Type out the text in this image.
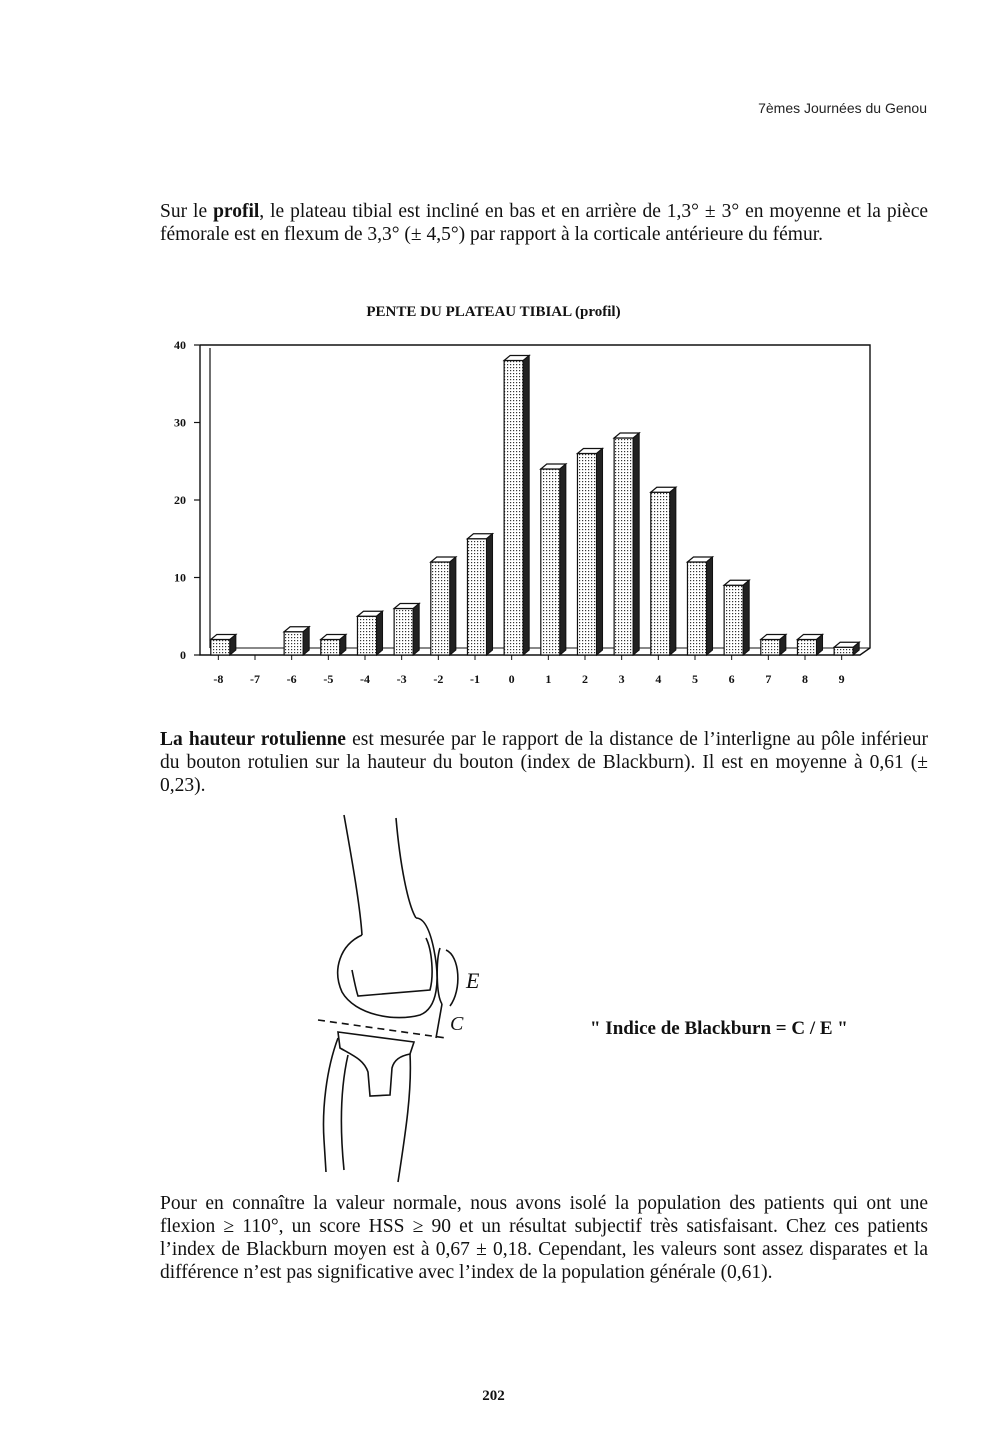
7èmes Journées du Genou

Sur le profil, le plateau tibial est incliné en bas et en arrière de 1,3° ± 3° en moyenne et la pièce fémorale est en flexum de 3,3° (± 4,5°) par rapport à la corticale antérieure du fémur.

PENTE DU PLATEAU TIBIAL (profil)
0
10
20
30
40
-8 -7 -6 -5 -4 -3 -2 -1 0	1	2	3	4	5	6	7	8	9

La hauteur rotulienne est mesurée par le rapport de la distance de l’interligne au pôle inférieur du bouton rotulien sur la hauteur du bouton (index de Blackburn). Il est en moyenne à 0,61 (± 0,23).

E
C	" Indice de Blackburn = C / E "

Pour en connaître la valeur normale, nous avons isolé la population des patients qui ont une flexion ≥ 110°, un score HSS ≥ 90 et un résultat subjectif très satisfaisant. Chez ces patients l’index de Blackburn moyen est à 0,67 ± 0,18. Cependant, les valeurs sont assez disparates et la différence n’est pas significative avec l’index de la population générale (0,61).

202
